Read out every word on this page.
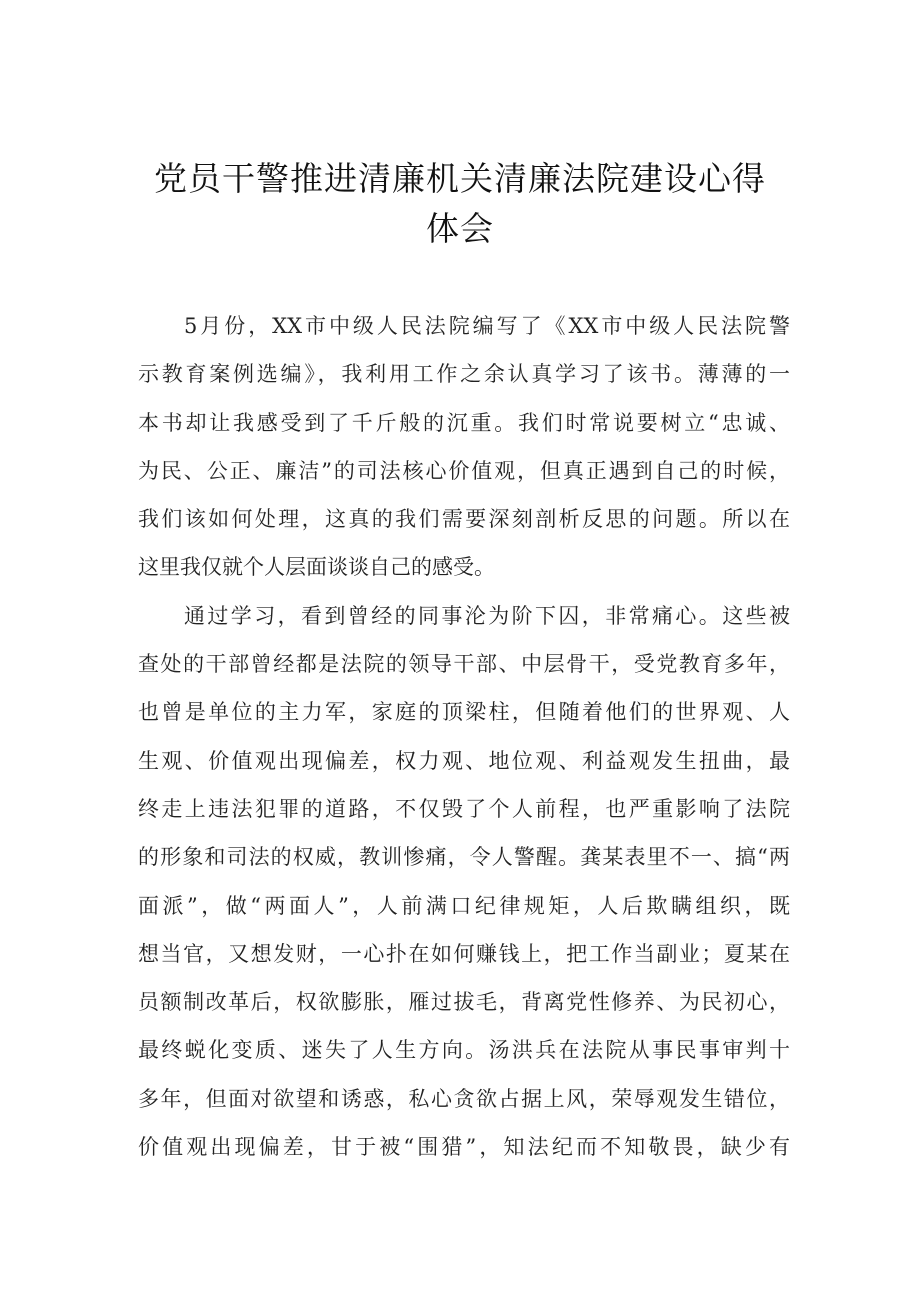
党员干警推进清廉机关清廉法院建设心得
体会
5月份，XX市中级人民法院编写了《XX市中级人民法院警
示教育案例选编》，我利用工作之余认真学习了该书。薄薄的一
本书却让我感受到了千斤般的沉重。我们时常说要树立“忠诚、
为民、公正、廉洁”的司法核心价值观，但真正遇到自己的时候，
我们该如何处理，这真的我们需要深刻剖析反思的问题。所以在
这里我仅就个人层面谈谈自己的感受。
通过学习，看到曾经的同事沦为阶下囚，非常痛心。这些被
查处的干部曾经都是法院的领导干部、中层骨干，受党教育多年，
也曾是单位的主力军，家庭的顶梁柱，但随着他们的世界观、人
生观、价值观出现偏差，权力观、地位观、利益观发生扭曲，最
终走上违法犯罪的道路，不仅毁了个人前程，也严重影响了法院
的形象和司法的权威，教训惨痛，令人警醒。龚某表里不一、搞“两
面派”，做“两面人”，人前满口纪律规矩，人后欺瞒组织，既
想当官，又想发财，一心扑在如何赚钱上，把工作当副业；夏某在
员额制改革后，权欲膨胀，雁过拔毛，背离党性修养、为民初心，
最终蜕化变质、迷失了人生方向。汤洪兵在法院从事民事审判十
多年，但面对欲望和诱惑，私心贪欲占据上风，荣辱观发生错位，
价值观出现偏差，甘于被“围猎”，知法纪而不知敬畏，缺少有
